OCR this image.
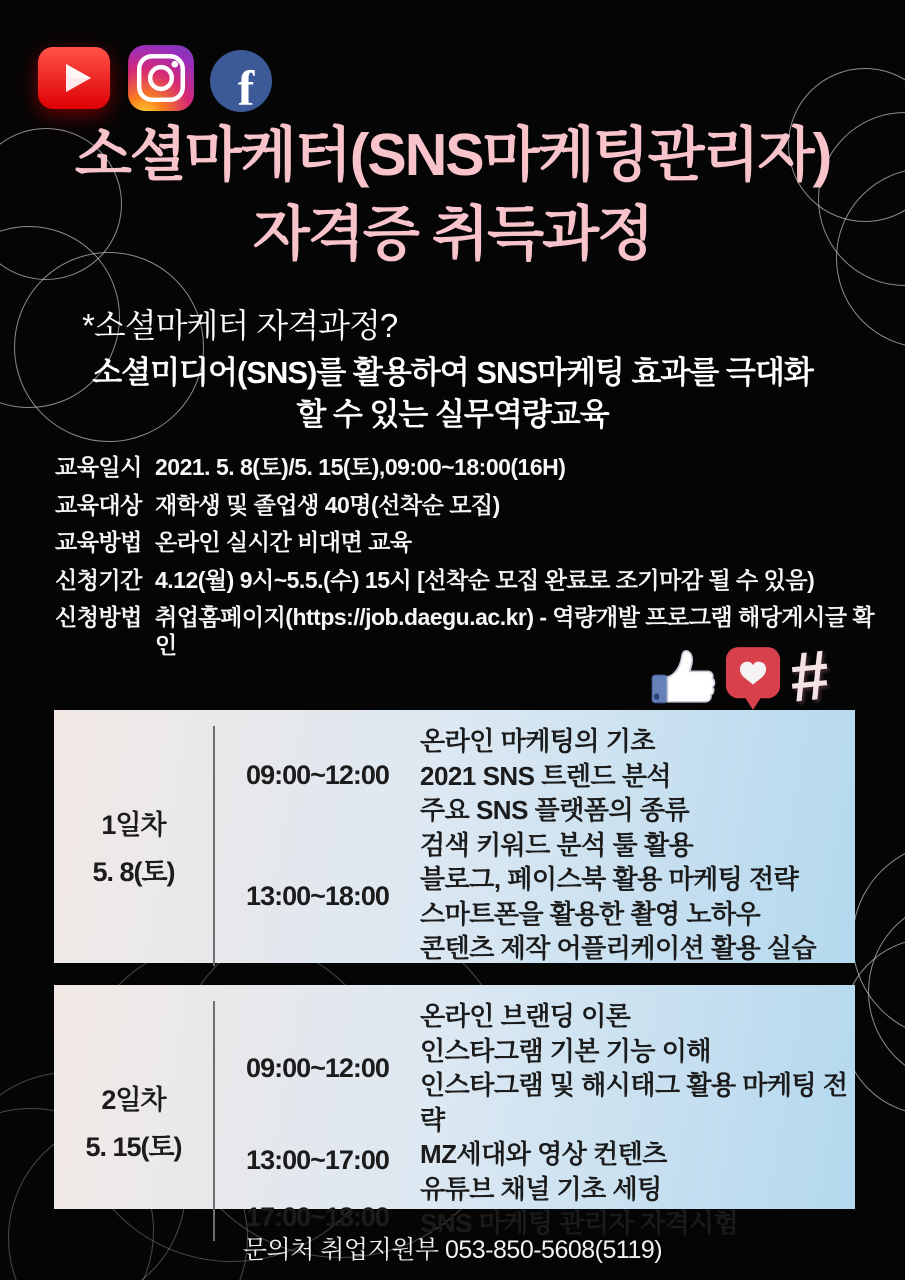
f
소셜마케터(SNS마케팅관리자)
자격증 취득과정
*소셜마케터 자격과정?
소셜미디어(SNS)를 활용하여 SNS마케팅 효과를 극대화
할 수 있는 실무역량교육
교육일시 2021. 5. 8(토)/5. 15(토),09:00~18:00(16H)
교육대상 재학생 및 졸업생 40명(선착순 모집)
교육방법 온라인 실시간 비대면 교육
신청기간 4.12(월) 9시~5.5.(수) 15시 [선착순 모집 완료로 조기마감 될 수 있음)
신청방법 취업홈페이지(https://job.daegu.ac.kr) - 역량개발 프로그램 해당게시글 확인	#
1일차
5. 8(토)
09:00~12:00
온라인 마케팅의 기초
2021 SNS 트렌드 분석
주요 SNS 플랫폼의 종류
13:00~18:00
검색 키워드 분석 툴 활용
블로그, 페이스북 활용 마케팅 전략
스마트폰을 활용한 촬영 노하우
콘텐츠 제작 어플리케이션 활용 실습
2일차
5. 15(토)
09:00~12:00
온라인 브랜딩 이론
인스타그램 기본 기능 이해
인스타그램 및 해시태그 활용 마케팅 전략
13:00~17:00
17:00~18:00
MZ세대와 영상 컨텐츠
유튜브 채널 기초 세팅
SNS 마케팅 관리자 자격시험
문의처 취업지원부 053-850-5608(5119)
